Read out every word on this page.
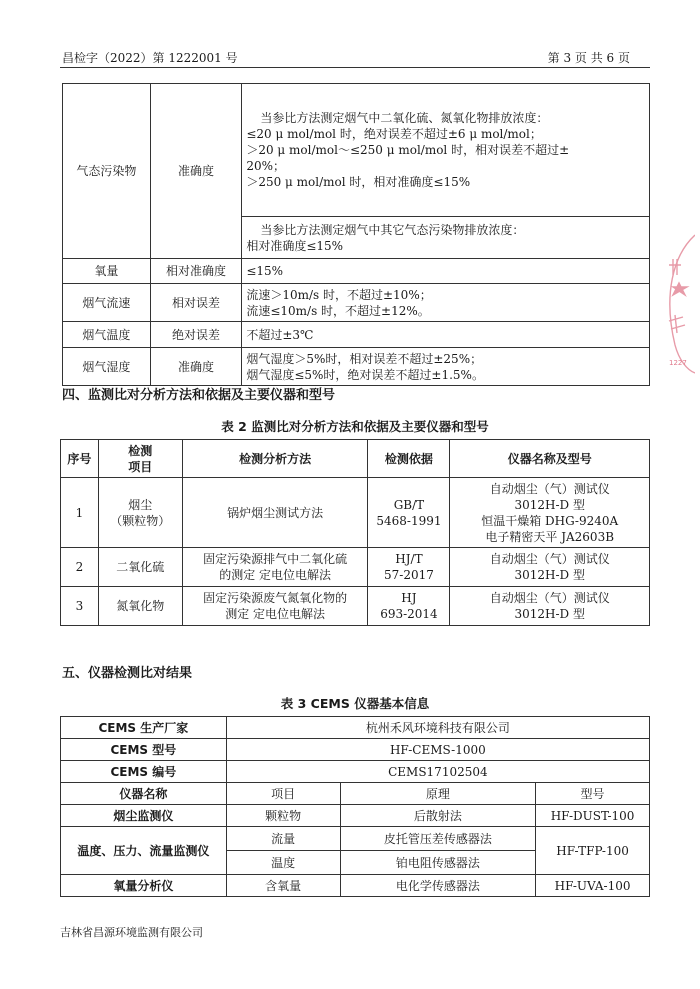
昌检字（2022）第 1222001 号	第 3 页 共 6 页
气态污染物	准确度	当参比方法测定烟气中二氧化硫、氮氧化物排放浓度：
≤20 μ mol/mol 时，绝对误差不超过±6 μ mol/mol；
＞20 μ mol/mol～≤250 μ mol/mol 时，相对误差不超过±
20%；
＞250 μ mol/mol 时，相对准确度≤15%

		当参比方法测定烟气中其它气态污染物排放浓度：
相对准确度≤15%

氧量	相对准确度	≤15%
烟气流速	相对误差	流速＞10m/s 时，不超过±10%；
流速≤10m/s 时，不超过±12%。

烟气温度	绝对误差	不超过±3℃
烟气湿度	准确度	烟气湿度＞5%时，相对误差不超过±25%；
烟气湿度≤5%时，绝对误差不超过±1.5%。
四、监测比对分析方法和依据及主要仪器和型号
表 2 监测比对分析方法和依据及主要仪器和型号
序号	检测
项目	检测分析方法	检测依据	仪器名称及型号
1	烟尘
（颗粒物）	锅炉烟尘测试方法	GB/T
5468-1991	自动烟尘（气）测试仪
3012H-D 型
恒温干燥箱 DHG-9240A
电子精密天平 JA2603B

2	二氧化硫	固定污染源排气中二氧化硫
的测定 定电位电解法	HJ/T
57-2017	自动烟尘（气）测试仪
3012H-D 型

3	氮氧化物	固定污染源废气氮氧化物的
测定 定电位电解法	HJ
693-2014	自动烟尘（气）测试仪
3012H-D 型
五、仪器检测比对结果
表 3 CEMS 仪器基本信息
CEMS 生产厂家	杭州禾风环境科技有限公司		
CEMS 型号	HF-CEMS-1000		
CEMS 编号	CEMS17102504		
仪器名称	项目	原理	型号
烟尘监测仪	颗粒物	后散射法	HF-DUST-100
温度、压力、流量监测仪	流量	皮托管压差传感器法	HF-TFP-100
	温度	铂电阻传感器法	
氧量分析仪	含氧量	电化学传感器法	HF-UVA-100
吉林省昌源环境监测有限公司
1227
